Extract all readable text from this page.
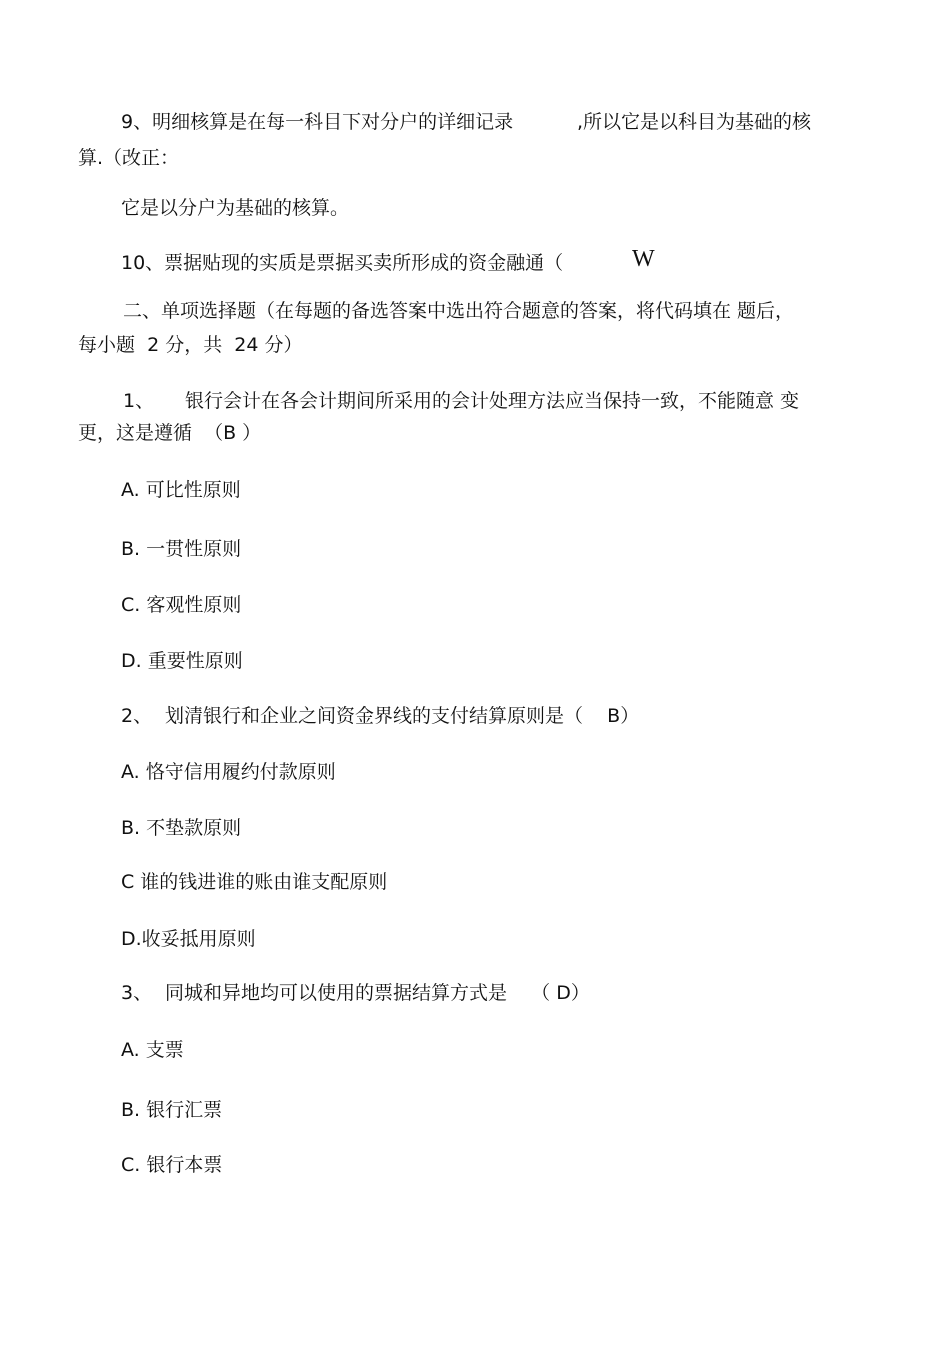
9、明细核算是在每一科目下对分户的详细记录	,所以它是以科目为基础的核
算.（改正：
它是以分户为基础的核算。
10、票据贴现的实质是票据买卖所形成的资金融通（	W
二、单项选择题（在每题的备选答案中选出符合题意的答案，将代码填在 题后，
每小题  2 分，共  24 分）
1、 银行会计在各会计期间所采用的会计处理方法应当保持一致，不能随意 变
更，这是遵循  （B ）
A. 可比性原则
B. 一贯性原则
C. 客观性原则
D. 重要性原则
2、 划清银行和企业之间资金界线的支付结算原则是（    B）
A. 恪守信用履约付款原则
B. 不垫款原则
C 谁的钱进谁的账由谁支配原则
D.收妥抵用原则
3、 同城和异地均可以使用的票据结算方式是    （ D）
A. 支票
B. 银行汇票
C. 银行本票
